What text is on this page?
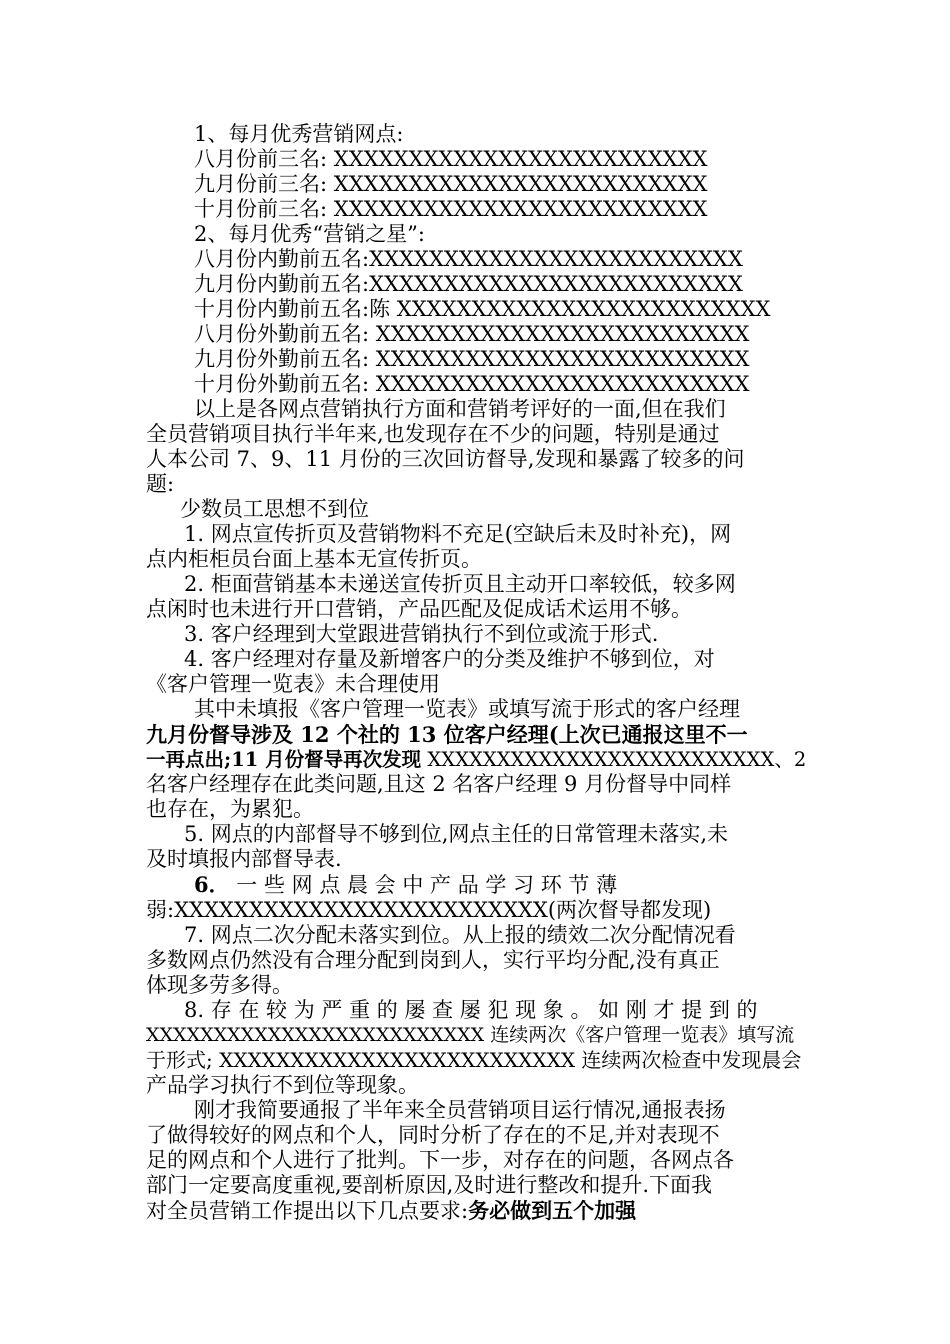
1、每月优秀营销网点:
八月份前三名: XXXXXXXXXXXXXXXXXXXXXXXXX
九月份前三名: XXXXXXXXXXXXXXXXXXXXXXXXX
十月份前三名: XXXXXXXXXXXXXXXXXXXXXXXXX
2、每月优秀“营销之星”:
八月份内勤前五名:XXXXXXXXXXXXXXXXXXXXXXXXX
九月份内勤前五名:XXXXXXXXXXXXXXXXXXXXXXXXX
十月份内勤前五名:陈 XXXXXXXXXXXXXXXXXXXXXXXXX
八月份外勤前五名: XXXXXXXXXXXXXXXXXXXXXXXXX
九月份外勤前五名: XXXXXXXXXXXXXXXXXXXXXXXXX
十月份外勤前五名: XXXXXXXXXXXXXXXXXXXXXXXXX
以上是各网点营销执行方面和营销考评好的一面,但在我们
全员营销项目执行半年来,也发现存在不少的问题，特别是通过
人本公司 7、9、11 月份的三次回访督导,发现和暴露了较多的问
题:
少数员工思想不到位
1. 网点宣传折页及营销物料不充足(空缺后未及时补充)，网
点内柜柜员台面上基本无宣传折页。
2. 柜面营销基本未递送宣传折页且主动开口率较低，较多网
点闲时也未进行开口营销，产品匹配及促成话术运用不够。
3. 客户经理到大堂跟进营销执行不到位或流于形式.
4. 客户经理对存量及新增客户的分类及维护不够到位，对
《客户管理一览表》未合理使用
其中未填报《客户管理一览表》或填写流于形式的客户经理
九月份督导涉及 12 个社的 13 位客户经理(上次已通报这里不一
一再点出;11 月份督导再次发现 XXXXXXXXXXXXXXXXXXXXXXXXX、2
名客户经理存在此类问题,且这 2 名客户经理 9 月份督导中同样
也存在，为累犯。
5. 网点的内部督导不够到位,网点主任的日常管理未落实,未
及时填报内部督导表.
6． 一 些 网 点 晨 会 中 产 品 学 习 环 节 薄
弱:XXXXXXXXXXXXXXXXXXXXXXXXX(两次督导都发现)
7. 网点二次分配未落实到位。从上报的绩效二次分配情况看
多数网点仍然没有合理分配到岗到人，实行平均分配,没有真正
体现多劳多得。
8. 存 在 较 为 严 重 的 屡 查 屡 犯 现 象 。 如 刚 才 提 到 的
XXXXXXXXXXXXXXXXXXXXXXXXX 连续两次《客户管理一览表》填写流
于形式; XXXXXXXXXXXXXXXXXXXXXXXXX 连续两次检查中发现晨会
产品学习执行不到位等现象。
刚才我简要通报了半年来全员营销项目运行情况,通报表扬
了做得较好的网点和个人，同时分析了存在的不足,并对表现不
足的网点和个人进行了批判。下一步，对存在的问题，各网点各
部门一定要高度重视,要剖析原因,及时进行整改和提升.下面我
对全员营销工作提出以下几点要求:务必做到五个加强
